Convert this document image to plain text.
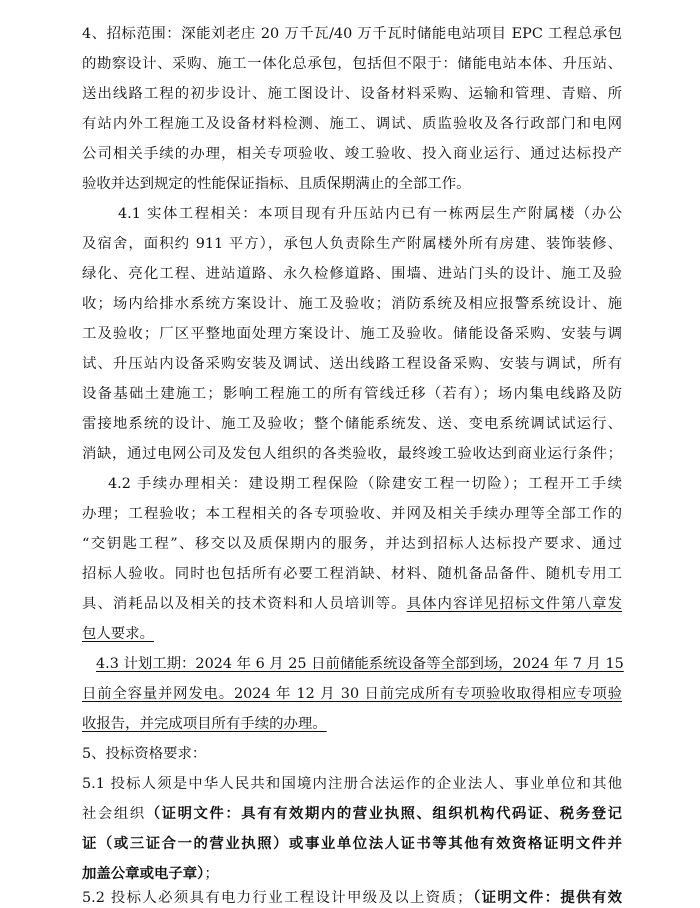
4、招标范围：深能刘老庄 20 万千瓦/40 万千瓦时储能电站项目 EPC 工程总承包
的勘察设计、采购、施工一体化总承包，包括但不限于：储能电站本体、升压站、
送出线路工程的初步设计、施工图设计、设备材料采购、运输和管理、青赔、所
有站内外工程施工及设备材料检测、施工、调试、质监验收及各行政部门和电网
公司相关手续的办理，相关专项验收、竣工验收、投入商业运行、通过达标投产
验收并达到规定的性能保证指标、且质保期满止的全部工作。
4.1 实体工程相关：本项目现有升压站内已有一栋两层生产附属楼（办公
及宿舍，面积约 911 平方），承包人负责除生产附属楼外所有房建、装饰装修、
绿化、亮化工程、进站道路、永久检修道路、围墙、进站门头的设计、施工及验
收；场内给排水系统方案设计、施工及验收；消防系统及相应报警系统设计、施
工及验收；厂区平整地面处理方案设计、施工及验收。储能设备采购、安装与调
试、升压站内设备采购安装及调试、送出线路工程设备采购、安装与调试，所有
设备基础土建施工；影响工程施工的所有管线迁移（若有）；场内集电线路及防
雷接地系统的设计、施工及验收；整个储能系统发、送、变电系统调试试运行、
消缺，通过电网公司及发包人组织的各类验收，最终竣工验收达到商业运行条件；
4.2 手续办理相关：建设期工程保险（除建安工程一切险）；工程开工手续
办理；工程验收；本工程相关的各专项验收、并网及相关手续办理等全部工作的
“交钥匙工程”、移交以及质保期内的服务，并达到招标人达标投产要求、通过
招标人验收。同时也包括所有必要工程消缺、材料、随机备品备件、随机专用工
具、消耗品以及相关的技术资料和人员培训等。具体内容详见招标文件第八章发
包人要求。
4.3 计划工期：2024 年 6 月 25 日前储能系统设备等全部到场，2024 年 7 月 15
日前全容量并网发电。2024 年 12 月 30 日前完成所有专项验收取得相应专项验
收报告，并完成项目所有手续的办理。
5、投标资格要求：
5.1 投标人须是中华人民共和国境内注册合法运作的企业法人、事业单位和其他
社会组织（证明文件：具有有效期内的营业执照、组织机构代码证、税务登记
证（或三证合一的营业执照）或事业单位法人证书等其他有效资格证明文件并
加盖公章或电子章）；
5.2 投标人必须具有电力行业工程设计甲级及以上资质；（证明文件：提供有效
